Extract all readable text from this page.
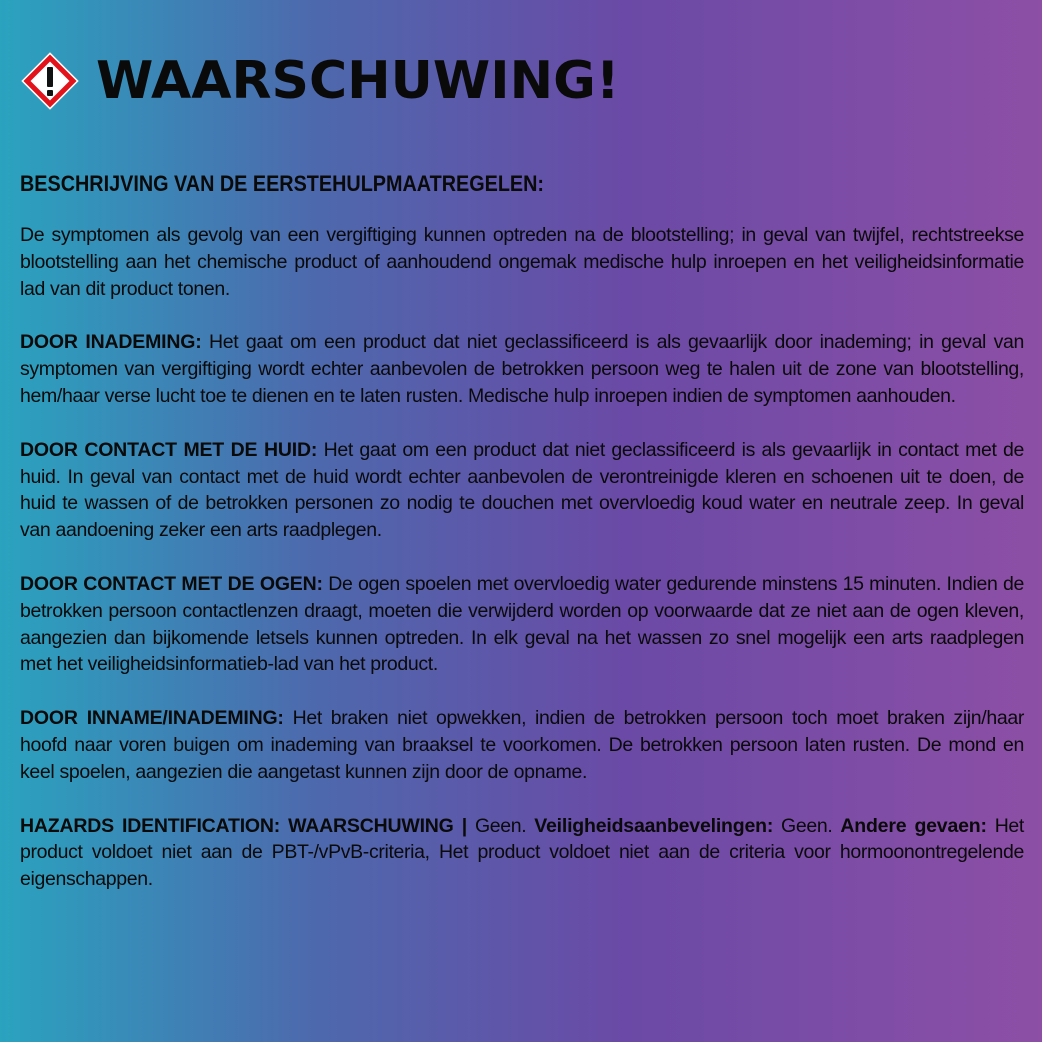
WAARSCHUWING!
BESCHRIJVING VAN DE EERSTEHULPMAATREGELEN:

De symptomen als gevolg van een vergiftiging kunnen optreden na de blootstelling; in geval van twijfel, rechtstreekse blootstelling aan het chemische product of aanhoudend ongemak medische hulp inroepen en het veiligheidsinformatie lad van dit product tonen.

DOOR INADEMING: Het gaat om een product dat niet geclassificeerd is als gevaarlijk door inademing; in geval van symptomen van vergiftiging wordt echter aanbevolen de betrokken persoon weg te halen uit de zone van blootstelling, hem/haar verse lucht toe te dienen en te laten rusten. Medische hulp inroepen indien de symptomen aanhouden.

DOOR CONTACT MET DE HUID: Het gaat om een product dat niet geclassificeerd is als gevaarlijk in contact met de huid. In geval van contact met de huid wordt echter aanbevolen de verontreinigde kleren en schoenen uit te doen, de huid te wassen of de betrokken personen zo nodig te douchen met overvloedig koud water en neutrale zeep. In geval van aandoening zeker een arts raadplegen.

DOOR CONTACT MET DE OGEN: De ogen spoelen met overvloedig water gedurende minstens 15 minuten. Indien de betrokken persoon contactlenzen draagt, moeten die verwijderd worden op voorwaarde dat ze niet aan de ogen kleven, aangezien dan bijkomende letsels kunnen optreden. In elk geval na het wassen zo snel mogelijk een arts raadplegen met het veiligheidsinformatieb-lad van het product.

DOOR INNAME/INADEMING: Het braken niet opwekken, indien de betrokken persoon toch moet braken zijn/haar hoofd naar voren buigen om inademing van braaksel te voorkomen. De betrokken persoon laten rusten. De mond en keel spoelen, aangezien die aangetast kunnen zijn door de opname.

HAZARDS IDENTIFICATION: WAARSCHUWING | Geen. Veiligheidsaanbevelingen: Geen. Andere gevaen: Het product voldoet niet aan de PBT-/vPvB-criteria, Het product voldoet niet aan de criteria voor hormoonontregelende eigenschappen.
